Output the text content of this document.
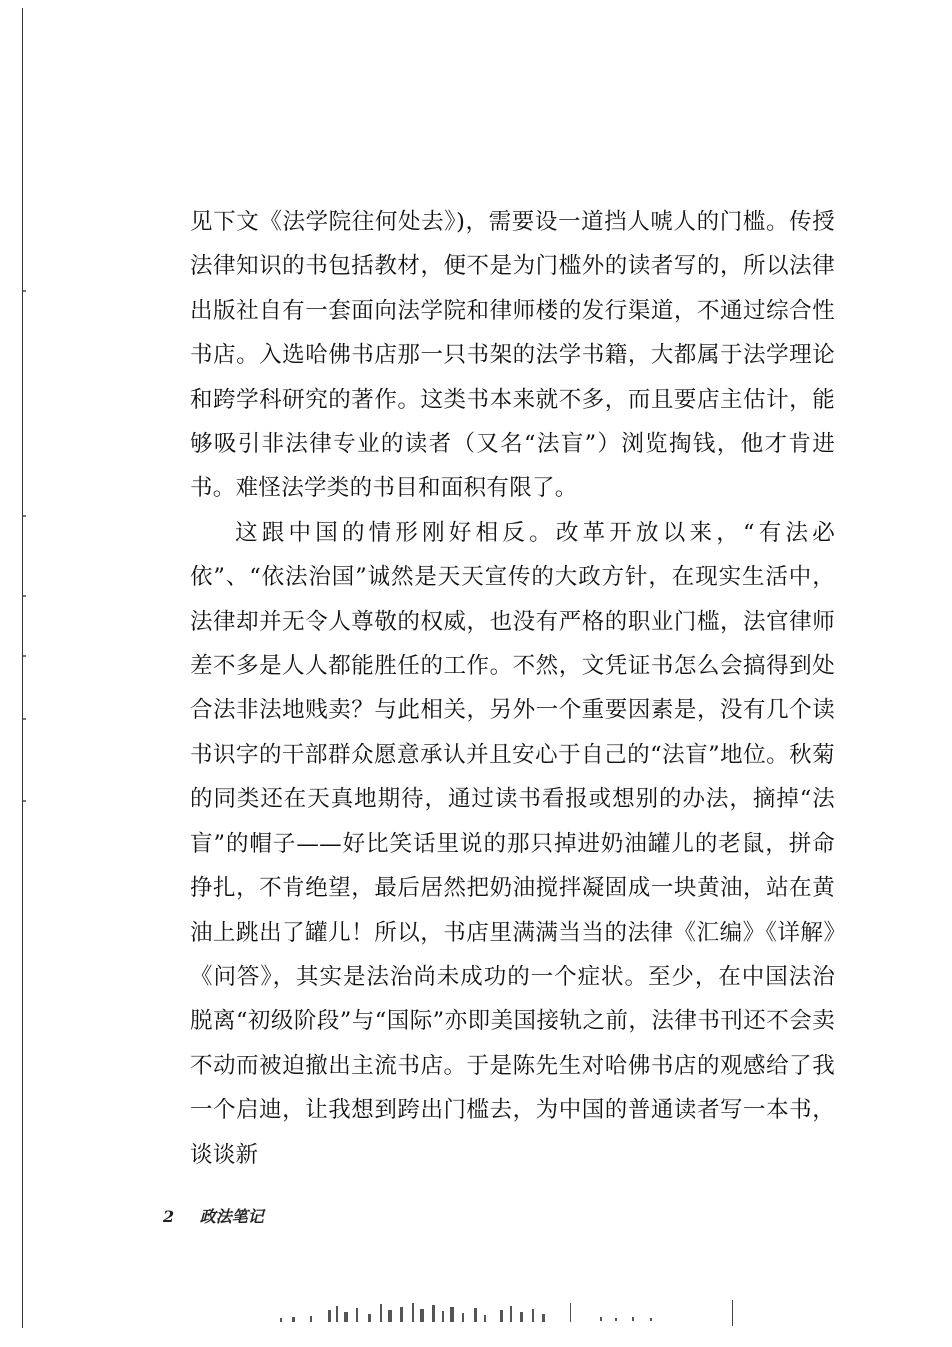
见下文《法学院往何处去》)，需要设一道挡人唬人的门槛。传授法律知识的书包括教材，便不是为门槛外的读者写的，所以法律出版社自有一套面向法学院和律师楼的发行渠道，不通过综合性书店。入选哈佛书店那一只书架的法学书籍，大都属于法学理论和跨学科研究的著作。这类书本来就不多，而且要店主估计，能够吸引非法律专业的读者（又名“法盲”）浏览掏钱，他才肯进书。难怪法学类的书目和面积有限了。

这跟中国的情形刚好相反。改革开放以来，“有法必依”、“依法治国”诚然是天天宣传的大政方针，在现实生活中，法律却并无令人尊敬的权威，也没有严格的职业门槛，法官律师差不多是人人都能胜任的工作。不然，文凭证书怎么会搞得到处合法非法地贱卖？与此相关，另外一个重要因素是，没有几个读书识字的干部群众愿意承认并且安心于自己的“法盲”地位。秋菊的同类还在天真地期待，通过读书看报或想别的办法，摘掉“法盲”的帽子——好比笑话里说的那只掉进奶油罐儿的老鼠，拼命挣扎，不肯绝望，最后居然把奶油搅拌凝固成一块黄油，站在黄油上跳出了罐儿！所以，书店里满满当当的法律《汇编》《详解》《问答》，其实是法治尚未成功的一个症状。至少，在中国法治脱离“初级阶段”与“国际”亦即美国接轨之前，法律书刊还不会卖不动而被迫撤出主流书店。于是陈先生对哈佛书店的观感给了我一个启迪，让我想到跨出门槛去，为中国的普通读者写一本书，谈谈新

2 政法笔记
